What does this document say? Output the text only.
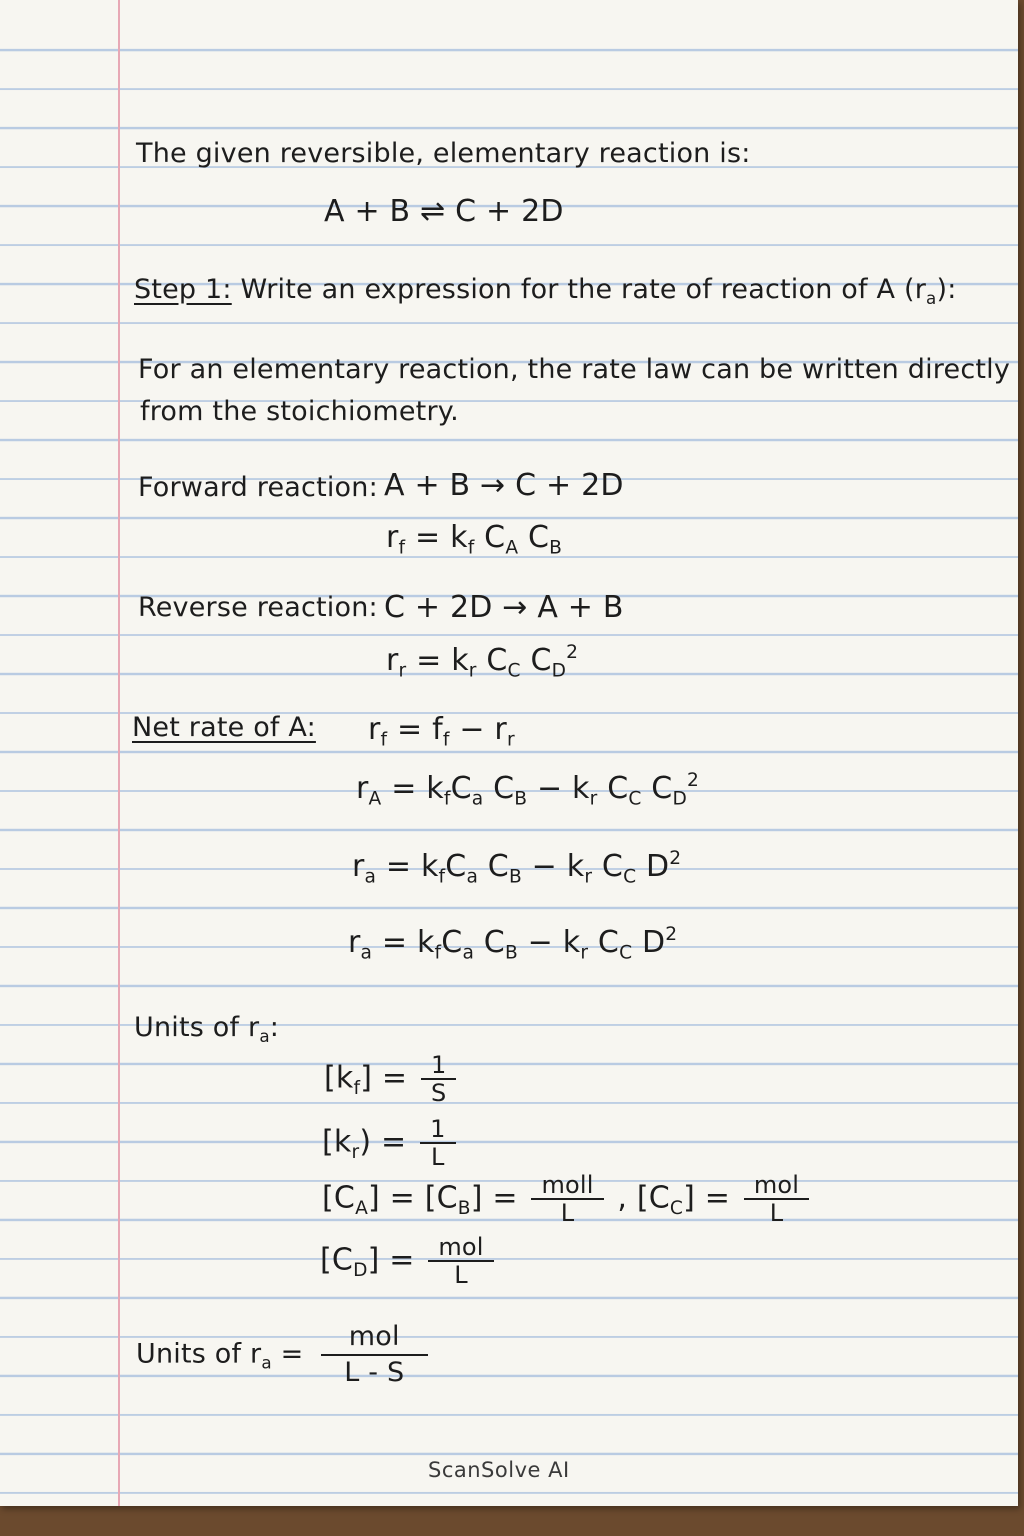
The given reversible, elementary reaction is:
A + B ⇌ C + 2D
Step 1: Write an expression for the rate of reaction of A $(r_a)$:
For an elementary reaction, the rate law can be written directly
from the stoichiometry.
Forward reaction: A + B → C + 2D
$r_f = k_f$ $C_A$ $C_B$
Reverse reaction: C + 2D → A + B
$r_r = k_r$ $C_C$ $C_D^2$
Net rate of A: $r_f = f_f - r_r$
$r_A = k_fC_a$ $C_B - k_r$ $C_C$ $C_D^2$
$r_a = k_fC_a$ $C_B - k_r$ $C_C$ $D^2$
$r_a = k_fC_a$ $C_B - k_r$ $C_C$ $D^2$
Units of $r_a$:
$[k_f] = \frac{1}{S}$
$[k_r) = \frac{1}{L}$
$[C_A] = [C_B] = \frac{\text{moll}}{L}$ , $[C_C] = \frac{\text{mol}}{L}$
$[C_D] = \frac{\text{mol}}{L}$
Units of $r_a = \frac{\text{mol}}{L - S}$
ScanSolve AI
